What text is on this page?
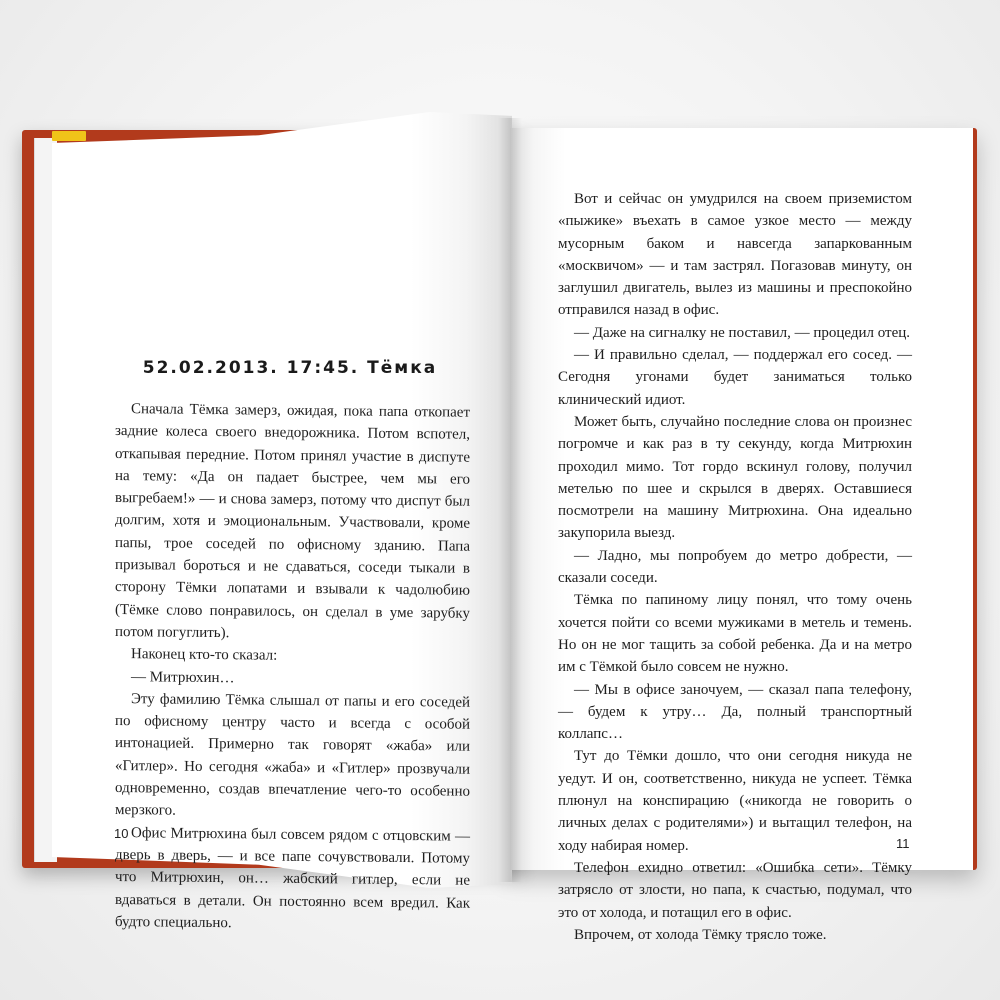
52.02.2013. 17:45. Тёмка

Сначала Тёмка замерз, ожидая, пока папа откопает задние колеса своего внедорожника. Потом вспотел, откапывая передние. Потом принял участие в диспуте на тему: «Да он падает быстрее, чем мы его выгребаем!» — и снова замерз, потому что диспут был долгим, хотя и эмоциональным. Участвовали, кроме папы, трое соседей по офисному зданию. Папа призывал бороться и не сдаваться, соседи тыкали в сторону Тёмки лопатами и взывали к чадолюбию (Тёмке слово понравилось, он сделал в уме зарубку потом погуглить).

Наконец кто-то сказал:

— Митрюхин…

Эту фамилию Тёмка слышал от папы и его соседей по офисному центру часто и всегда с особой интонацией. Примерно так говорят «жаба» или «Гитлер». Но сегодня «жаба» и «Гитлер» прозвучали одновременно, создав впечатление чего-то особенно мерзкого.

Офис Митрюхина был совсем рядом с отцовским — дверь в дверь, — и все папе сочувствовали. Потому что Митрюхин, он… жабский гитлер, если не вдаваться в детали. Он постоянно всем вредил. Как будто специально.

Вот и сейчас он умудрился на своем приземистом «пыжике» въехать в самое узкое место — между мусорным баком и навсегда запаркованным «москвичом» — и там застрял. Погазовав минуту, он заглушил двигатель, вылез из машины и преспокойно отправился назад в офис.

— Даже на сигналку не поставил, — процедил отец.

— И правильно сделал, — поддержал его сосед. — Сегодня угонами будет заниматься только клинический идиот.

Может быть, случайно последние слова он произнес погромче и как раз в ту секунду, когда Митрюхин проходил мимо. Тот гордо вскинул голову, получил метелью по шее и скрылся в дверях. Оставшиеся посмотрели на машину Митрюхина. Она идеально закупорила выезд.

— Ладно, мы попробуем до метро добрести, — сказали соседи.

Тёмка по папиному лицу понял, что тому очень хочется пойти со всеми мужиками в метель и темень. Но он не мог тащить за собой ребенка. Да и на метро им с Тёмкой было совсем не нужно.

— Мы в офисе заночуем, — сказал папа телефону, — будем к утру… Да, полный транспортный коллапс…

Тут до Тёмки дошло, что они сегодня никуда не уедут. И он, соответственно, никуда не успеет. Тёмка плюнул на конспирацию («никогда не говорить о личных делах с родителями») и вытащил телефон, на ходу набирая номер.

Телефон ехидно ответил: «Ошибка сети». Тёмку затрясло от злости, но папа, к счастью, подумал, что это от холода, и потащил его в офис.

Впрочем, от холода Тёмку трясло тоже.

10
11
